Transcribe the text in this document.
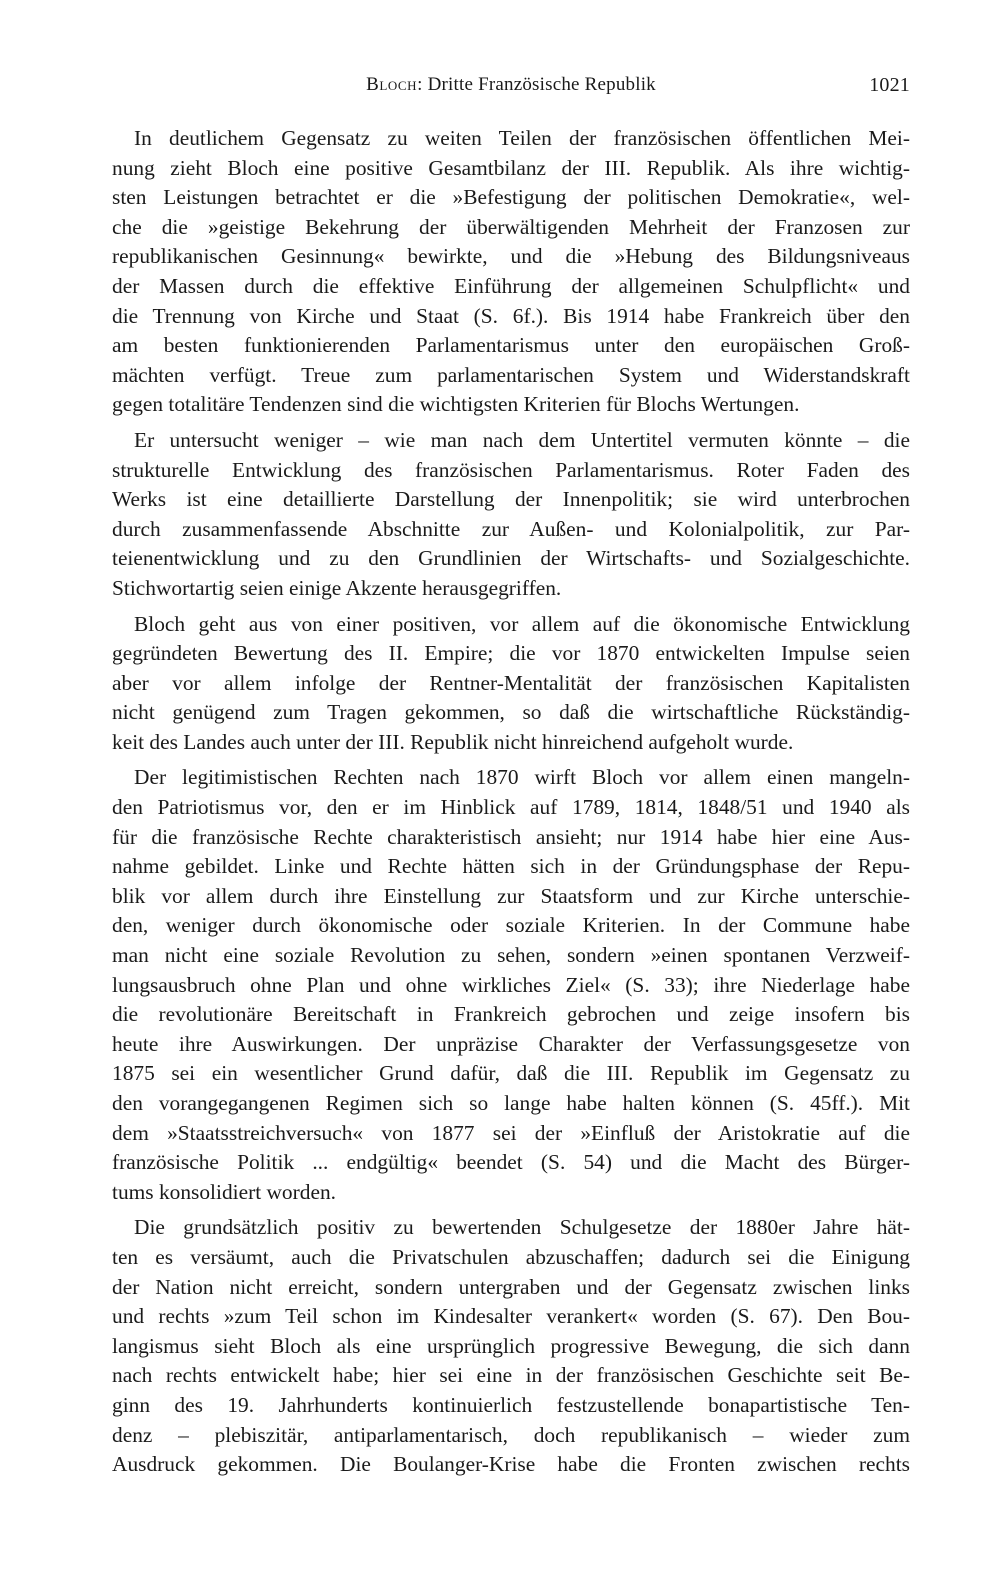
Bloch: Dritte Französische Republik	1021
In deutlichem Gegensatz zu weiten Teilen der französischen öffentlichen Mei-
nung zieht Bloch eine positive Gesamtbilanz der III. Republik. Als ihre wichtig-
sten Leistungen betrachtet er die »Befestigung der politischen Demokratie«, wel-
che die »geistige Bekehrung der überwältigenden Mehrheit der Franzosen zur
republikanischen Gesinnung« bewirkte, und die »Hebung des Bildungsniveaus
der Massen durch die effektive Einführung der allgemeinen Schulpflicht« und
die Trennung von Kirche und Staat (S. 6f.). Bis 1914 habe Frankreich über den
am besten funktionierenden Parlamentarismus unter den europäischen Groß-
mächten verfügt. Treue zum parlamentarischen System und Widerstandskraft
gegen totalitäre Tendenzen sind die wichtigsten Kriterien für Blochs Wertungen.
Er untersucht weniger – wie man nach dem Untertitel vermuten könnte – die
strukturelle Entwicklung des französischen Parlamentarismus. Roter Faden des
Werks ist eine detaillierte Darstellung der Innenpolitik; sie wird unterbrochen
durch zusammenfassende Abschnitte zur Außen- und Kolonialpolitik, zur Par-
teienentwicklung und zu den Grundlinien der Wirtschafts- und Sozialgeschichte.
Stichwortartig seien einige Akzente herausgegriffen.
Bloch geht aus von einer positiven, vor allem auf die ökonomische Entwicklung
gegründeten Bewertung des II. Empire; die vor 1870 entwickelten Impulse seien
aber vor allem infolge der Rentner-Mentalität der französischen Kapitalisten
nicht genügend zum Tragen gekommen, so daß die wirtschaftliche Rückständig-
keit des Landes auch unter der III. Republik nicht hinreichend aufgeholt wurde.
Der legitimistischen Rechten nach 1870 wirft Bloch vor allem einen mangeln-
den Patriotismus vor, den er im Hinblick auf 1789, 1814, 1848/51 und 1940 als
für die französische Rechte charakteristisch ansieht; nur 1914 habe hier eine Aus-
nahme gebildet. Linke und Rechte hätten sich in der Gründungsphase der Repu-
blik vor allem durch ihre Einstellung zur Staatsform und zur Kirche unterschie-
den, weniger durch ökonomische oder soziale Kriterien. In der Commune habe
man nicht eine soziale Revolution zu sehen, sondern »einen spontanen Verzweif-
lungsausbruch ohne Plan und ohne wirkliches Ziel« (S. 33); ihre Niederlage habe
die revolutionäre Bereitschaft in Frankreich gebrochen und zeige insofern bis
heute ihre Auswirkungen. Der unpräzise Charakter der Verfassungsgesetze von
1875 sei ein wesentlicher Grund dafür, daß die III. Republik im Gegensatz zu
den vorangegangenen Regimen sich so lange habe halten können (S. 45ff.). Mit
dem »Staatsstreichversuch« von 1877 sei der »Einfluß der Aristokratie auf die
französische Politik ... endgültig« beendet (S. 54) und die Macht des Bürger-
tums konsolidiert worden.
Die grundsätzlich positiv zu bewertenden Schulgesetze der 1880er Jahre hät-
ten es versäumt, auch die Privatschulen abzuschaffen; dadurch sei die Einigung
der Nation nicht erreicht, sondern untergraben und der Gegensatz zwischen links
und rechts »zum Teil schon im Kindesalter verankert« worden (S. 67). Den Bou-
langismus sieht Bloch als eine ursprünglich progressive Bewegung, die sich dann
nach rechts entwickelt habe; hier sei eine in der französischen Geschichte seit Be-
ginn des 19. Jahrhunderts kontinuierlich festzustellende bonapartistische Ten-
denz – plebiszitär, antiparlamentarisch, doch republikanisch – wieder zum
Ausdruck gekommen. Die Boulanger-Krise habe die Fronten zwischen rechts
